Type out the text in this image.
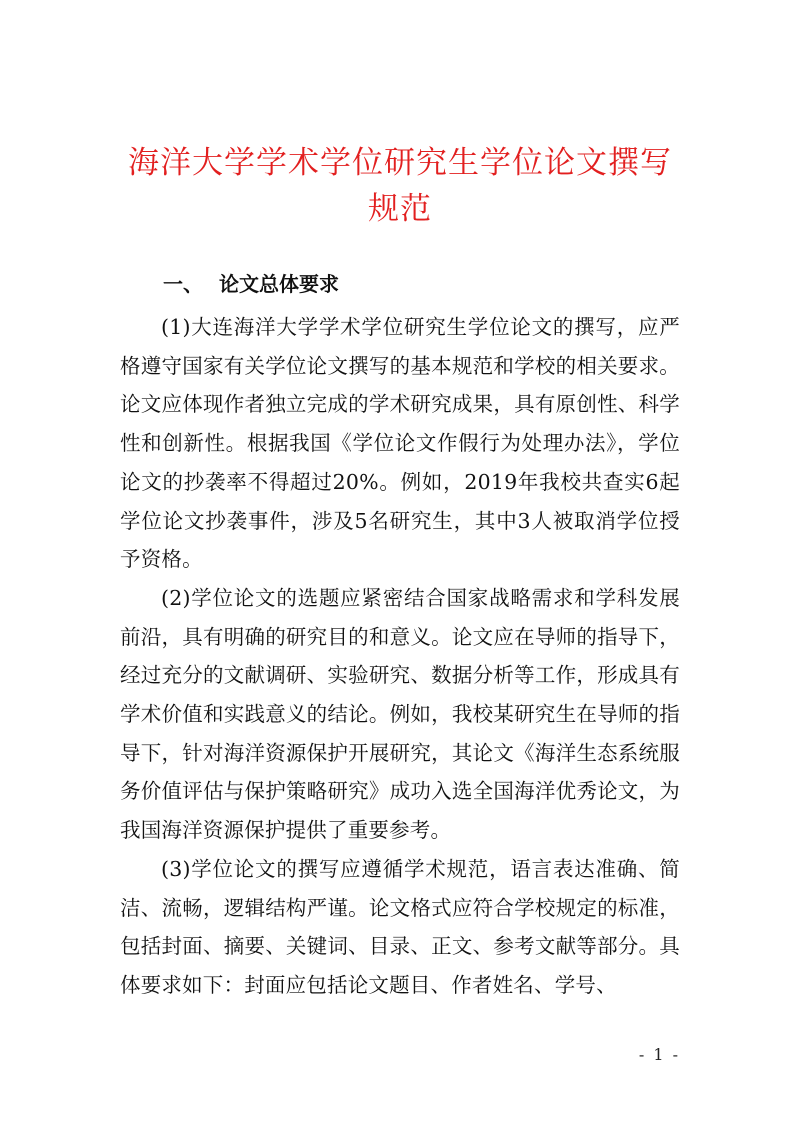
海洋大学学术学位研究生学位论文撰写规范
一、 论文总体要求

(1)大连海洋大学学术学位研究生学位论文的撰写，应严格遵守国家有关学位论文撰写的基本规范和学校的相关要求。论文应体现作者独立完成的学术研究成果，具有原创性、科学性和创新性。根据我国《学位论文作假行为处理办法》，学位论文的抄袭率不得超过20%。例如，2019年我校共查实6起学位论文抄袭事件，涉及5名研究生，其中3人被取消学位授予资格。

(2)学位论文的选题应紧密结合国家战略需求和学科发展前沿，具有明确的研究目的和意义。论文应在导师的指导下，经过充分的文献调研、实验研究、数据分析等工作，形成具有学术价值和实践意义的结论。例如，我校某研究生在导师的指导下，针对海洋资源保护开展研究，其论文《海洋生态系统服务价值评估与保护策略研究》成功入选全国海洋优秀论文，为我国海洋资源保护提供了重要参考。

(3)学位论文的撰写应遵循学术规范，语言表达准确、简洁、流畅，逻辑结构严谨。论文格式应符合学校规定的标准，包括封面、摘要、关键词、目录、正文、参考文献等部分。具体要求如下：封面应包括论文题目、作者姓名、学号、

- 1 -
